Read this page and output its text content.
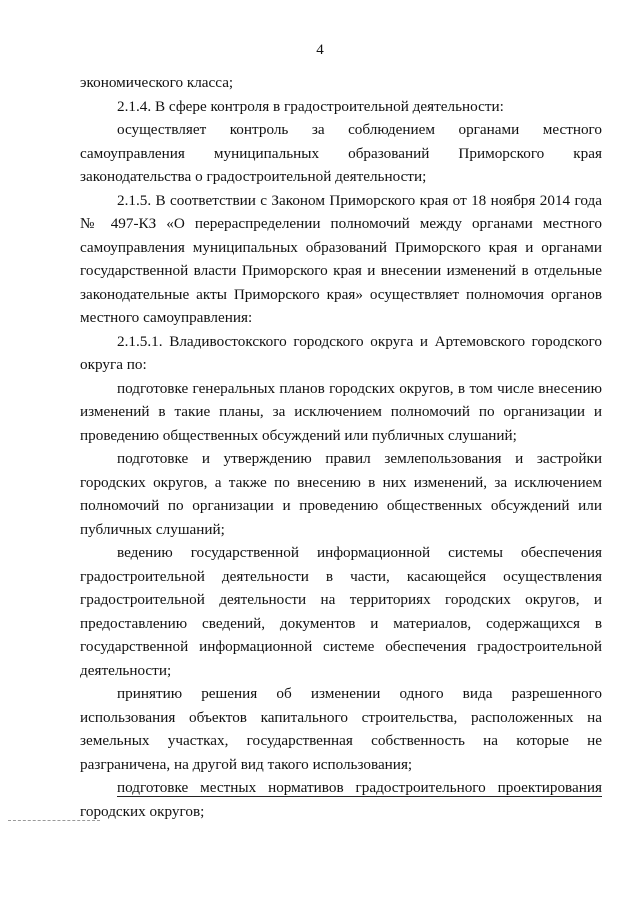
4

экономического класса;

2.1.4. В сфере контроля в градостроительной деятельности:

осуществляет контроль за соблюдением органами местного самоуправления муниципальных образований Приморского края законодательства о градостроительной деятельности;

2.1.5. В соответствии с Законом Приморского края от 18 ноября 2014 года № 497-КЗ «О перераспределении полномочий между органами местного самоуправления муниципальных образований Приморского края и органами государственной власти Приморского края и внесении изменений в отдельные законодательные акты Приморского края» осуществляет полномочия органов местного самоуправления:

2.1.5.1. Владивостокского городского округа и Артемовского городского округа по:

подготовке генеральных планов городских округов, в том числе внесению изменений в такие планы, за исключением полномочий по организации и проведению общественных обсуждений или публичных слушаний;

подготовке и утверждению правил землепользования и застройки городских округов, а также по внесению в них изменений, за исключением полномочий по организации и проведению общественных обсуждений или публичных слушаний;

ведению государственной информационной системы обеспечения градостроительной деятельности в части, касающейся осуществления градостроительной деятельности на территориях городских округов, и предоставлению сведений, документов и материалов, содержащихся в государственной информационной системе обеспечения градостроительной деятельности;

принятию решения об изменении одного вида разрешенного использования объектов капитального строительства, расположенных на земельных участках, государственная собственность на которые не разграничена, на другой вид такого использования;

подготовке местных нормативов градостроительного проектирования

городских округов;
